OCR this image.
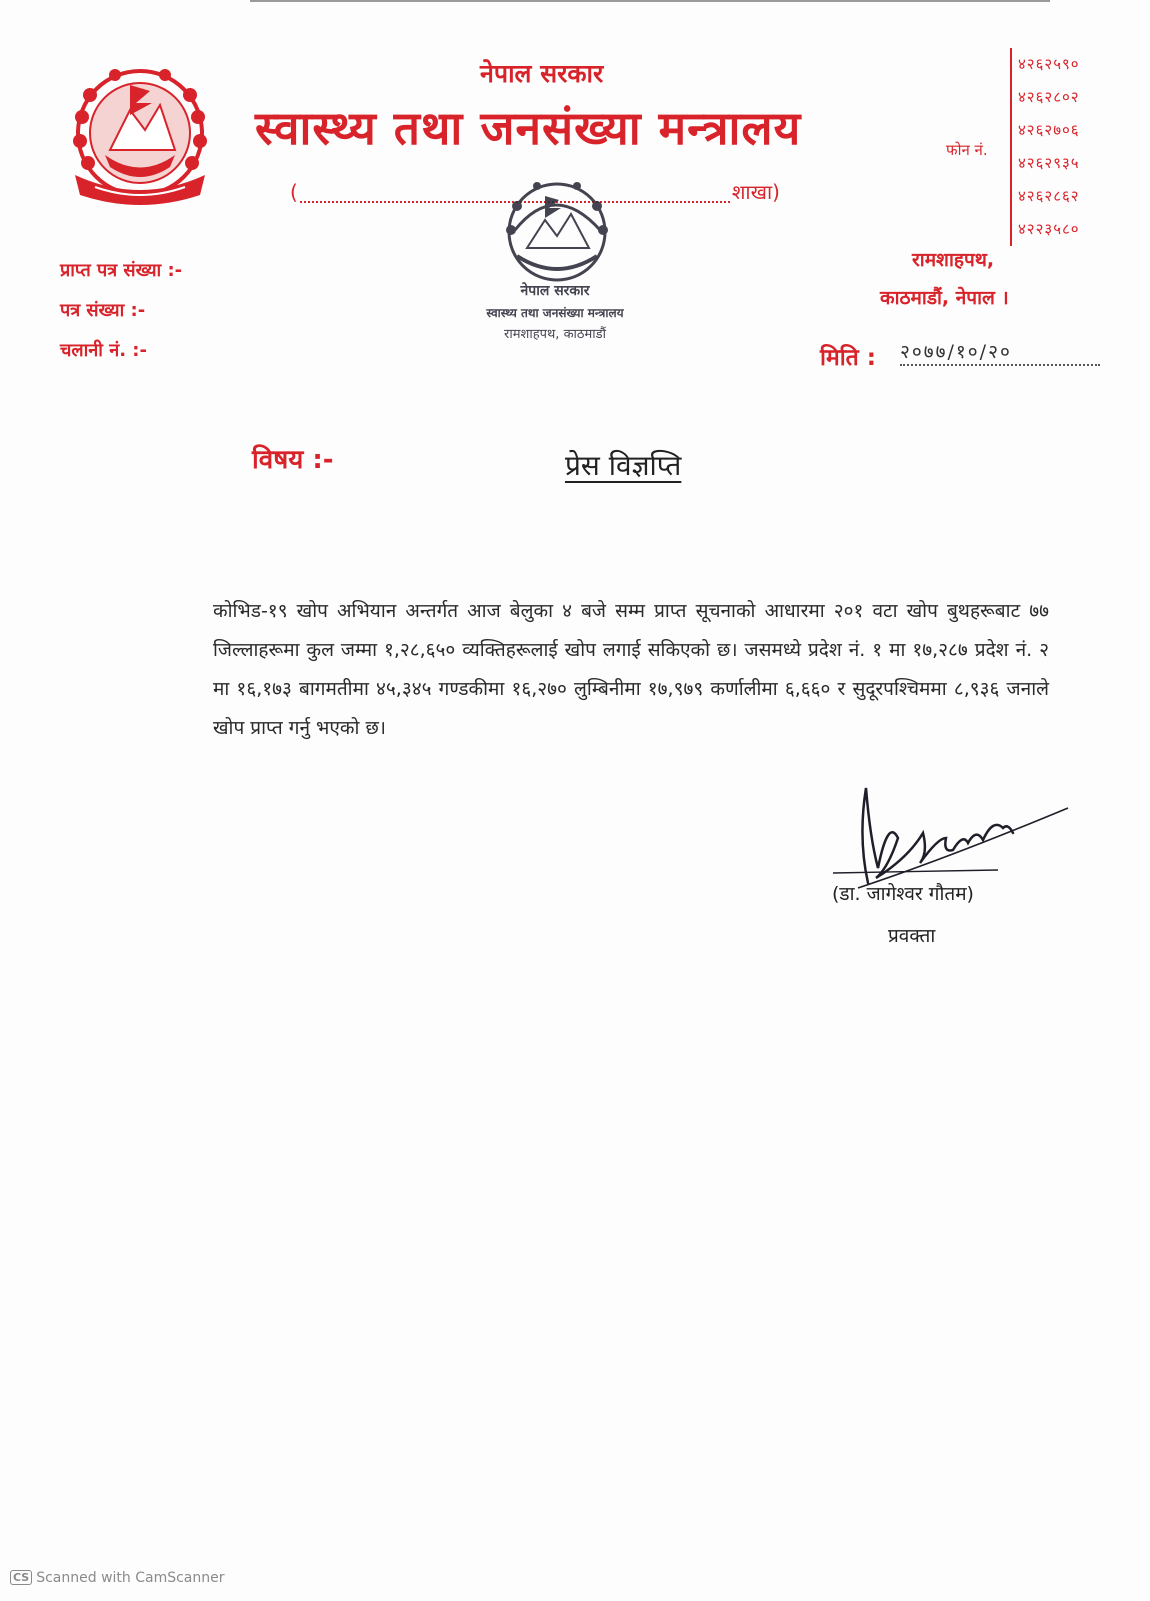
नेपाल सरकार
स्वास्थ्य तथा जनसंख्या मन्त्रालय
(	शाखा)
फोन नं.
४२६२५९०
४२६२८०२
४२६२७०६
४२६२९३५
४२६२८६२
४२२३५८०
रामशाहपथ,
काठमाडौं, नेपाल ।
प्राप्त पत्र संख्या :-
पत्र संख्या :-
चलानी नं. :-	मिति : २०७७/१०/२०
नेपाल सरकार
स्वास्थ्य तथा जनसंख्या मन्त्रालय
रामशाहपथ, काठमाडौं
विषय :-	प्रेस विज्ञप्ति
कोभिड-१९ खोप अभियान अन्तर्गत आज बेलुका ४ बजे सम्म प्राप्त सूचनाको आधारमा २०१ वटा खोप बुथहरूबाट ७७ जिल्लाहरूमा कुल जम्मा १,२८,६५० व्यक्तिहरूलाई खोप लगाई सकिएको छ। जसमध्ये प्रदेश नं. १ मा १७,२८७ प्रदेश नं. २ मा १६,१७३ बागमतीमा ४५,३४५ गण्डकीमा १६,२७० लुम्बिनीमा १७,९७९ कर्णालीमा ६,६६० र सुदूरपश्चिममा ८,९३६ जनाले खोप प्राप्त गर्नु भएको छ।
(डा. जागेश्वर गौतम)
प्रवक्ता
CS Scanned with CamScanner
